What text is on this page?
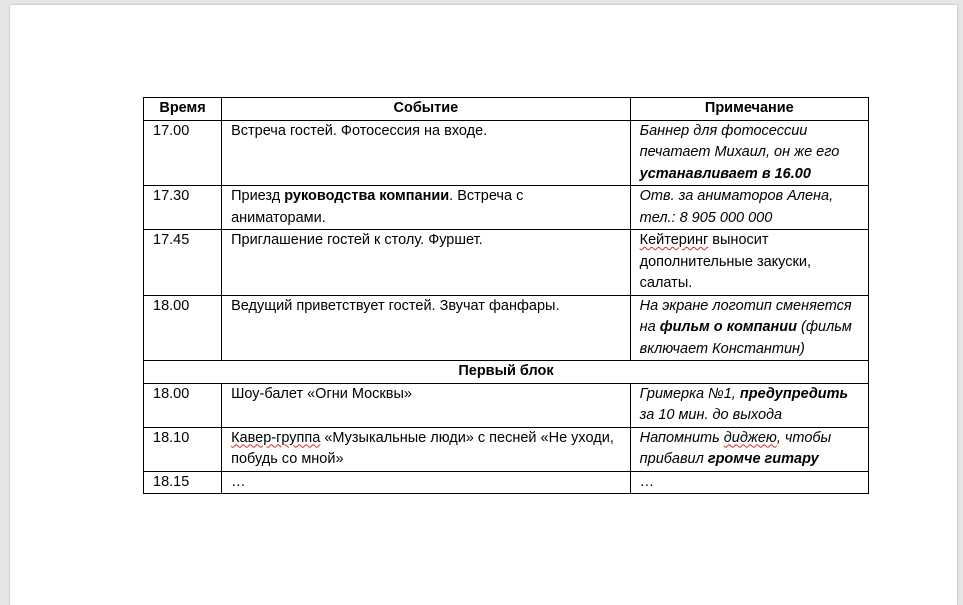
Время	Событие	Примечание
17.00	Встреча гостей. Фотосессия на входе.	Баннер для фотосессии печатает Михаил, он же его устанавливает в 16.00
17.30	Приезд руководства компании. Встреча с аниматорами.	Отв. за аниматоров Алена, тел.: 8 905 000 000
17.45	Приглашение гостей к столу. Фуршет.	Кейтеринг выносит дополнительные закуски, салаты.
18.00	Ведущий приветствует гостей. Звучат фанфары.	На экране логотип сменяется на фильм о компании (фильм включает Константин)
Первый блок		
18.00	Шоу-балет «Огни Москвы»	Гримерка №1, предупредить за 10 мин. до выхода
18.10	Кавер-группа «Музыкальные люди» с песней «Не уходи, побудь со мной»	Напомнить диджею, чтобы прибавил громче гитару
18.15	…	…
